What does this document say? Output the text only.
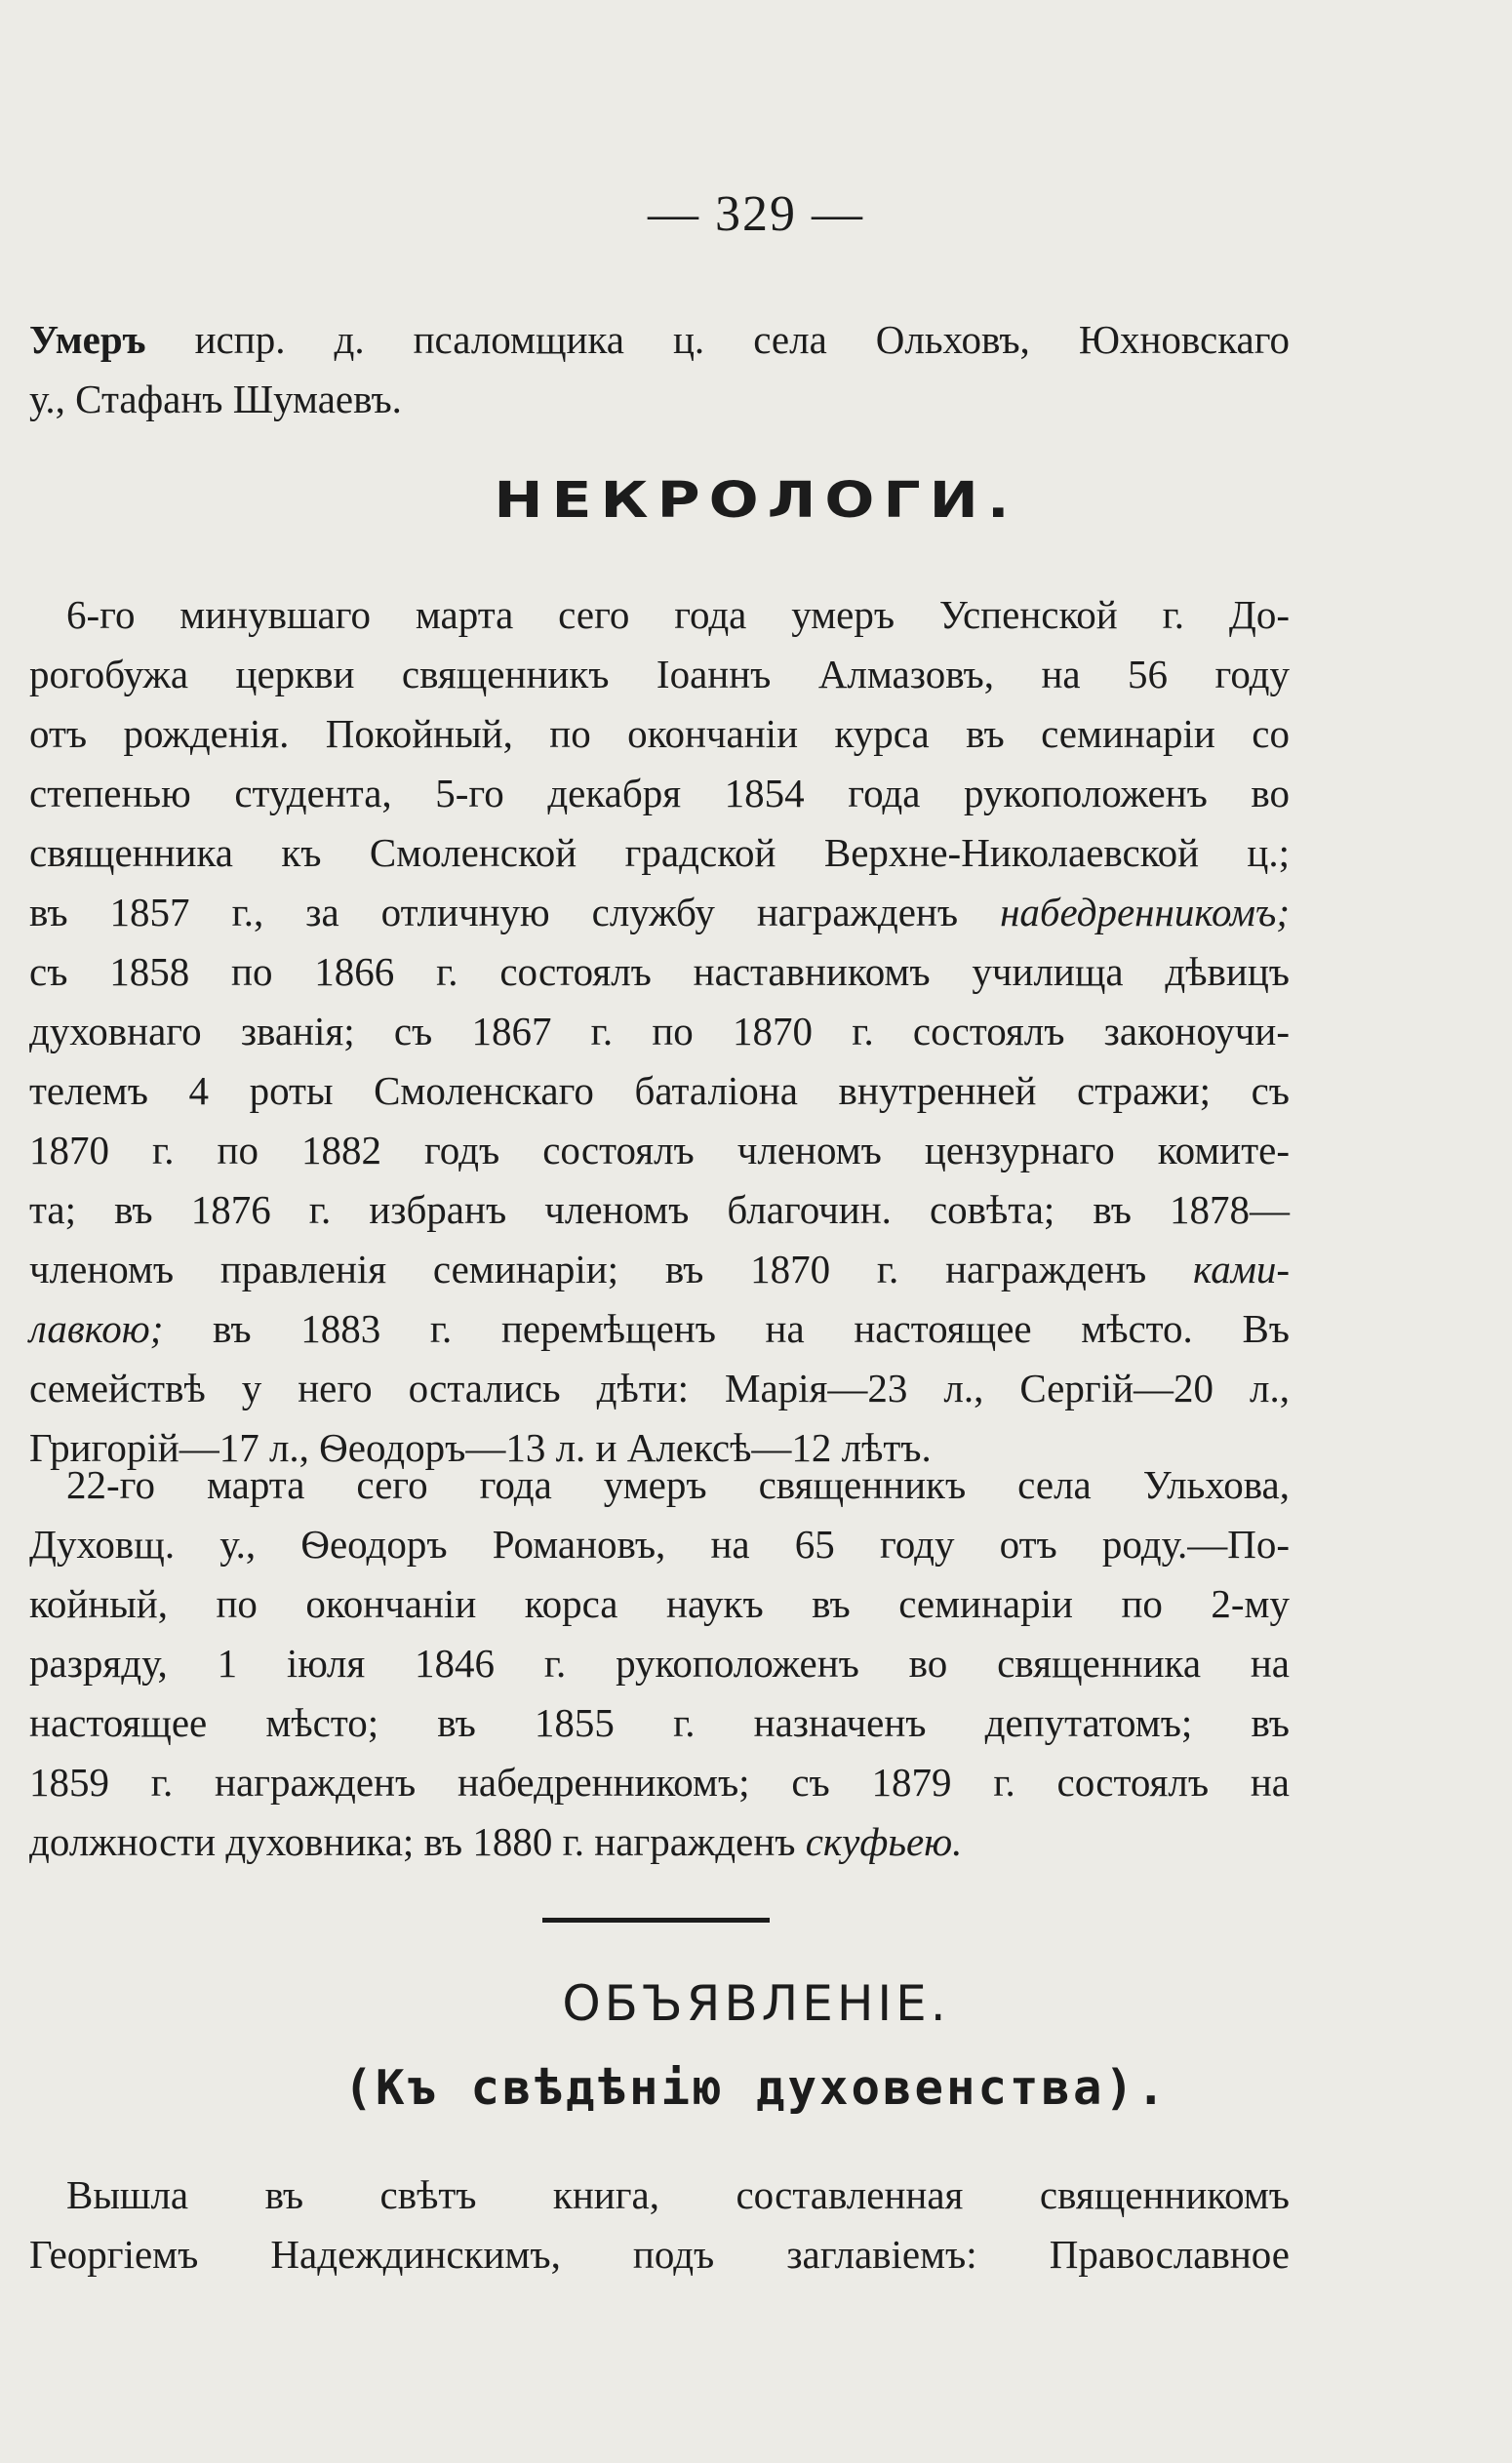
— 329 —

Умеръ испр. д. псаломщика ц. села Ольховъ, Юхновскаго

у., Стафанъ Шумаевъ.

НЕКРОЛОГИ.

6-го минувшаго марта сего года умеръ Успенской г. До-

рогобужа церкви священникъ Іоаннъ Алмазовъ, на 56 году

отъ рожденія. Покойный, по окончаніи курса въ семинаріи со

степенью студента, 5-го декабря 1854 года рукоположенъ во

священника къ Смоленской градской Верхне-Николаевской ц.;

въ 1857 г., за отличную службу награжденъ набедренникомъ;

съ 1858 по 1866 г. состоялъ наставникомъ училища дѣвицъ

духовнаго званія; съ 1867 г. по 1870 г. состоялъ законоучи-

телемъ 4 роты Смоленскаго баталіона внутренней стражи; съ

1870 г. по 1882 годъ состоялъ членомъ цензурнаго комите-

та; въ 1876 г. избранъ членомъ благочин. совѣта; въ 1878—

членомъ правленія семинаріи; въ 1870 г. награжденъ ками-

лавкою; въ 1883 г. перемѣщенъ на настоящее мѣсто. Въ

семействѣ у него остались дѣти: Марія—23 л., Сергій—20 л.,

Григорій—17 л., Ѳеодоръ—13 л. и Алексѣ—12 лѣтъ.

22-го марта сего года умеръ священникъ села Ульхова,

Духовщ. у., Ѳеодоръ Романовъ, на 65 году отъ роду.—По-

койный, по окончаніи корса наукъ въ семинаріи по 2-му

разряду, 1 іюля 1846 г. рукоположенъ во священника на

настоящее мѣсто; въ 1855 г. назначенъ депутатомъ; въ

1859 г. награжденъ набедренникомъ; съ 1879 г. состоялъ на

должности духовника; въ 1880 г. награжденъ скуфьею.

ОБЪЯВЛЕНІЕ.
(Къ свѣдѣнію духовенства).

Вышла въ свѣтъ книга, составленная священникомъ

Георгіемъ Надеждинскимъ, подъ заглавіемъ: Православное
